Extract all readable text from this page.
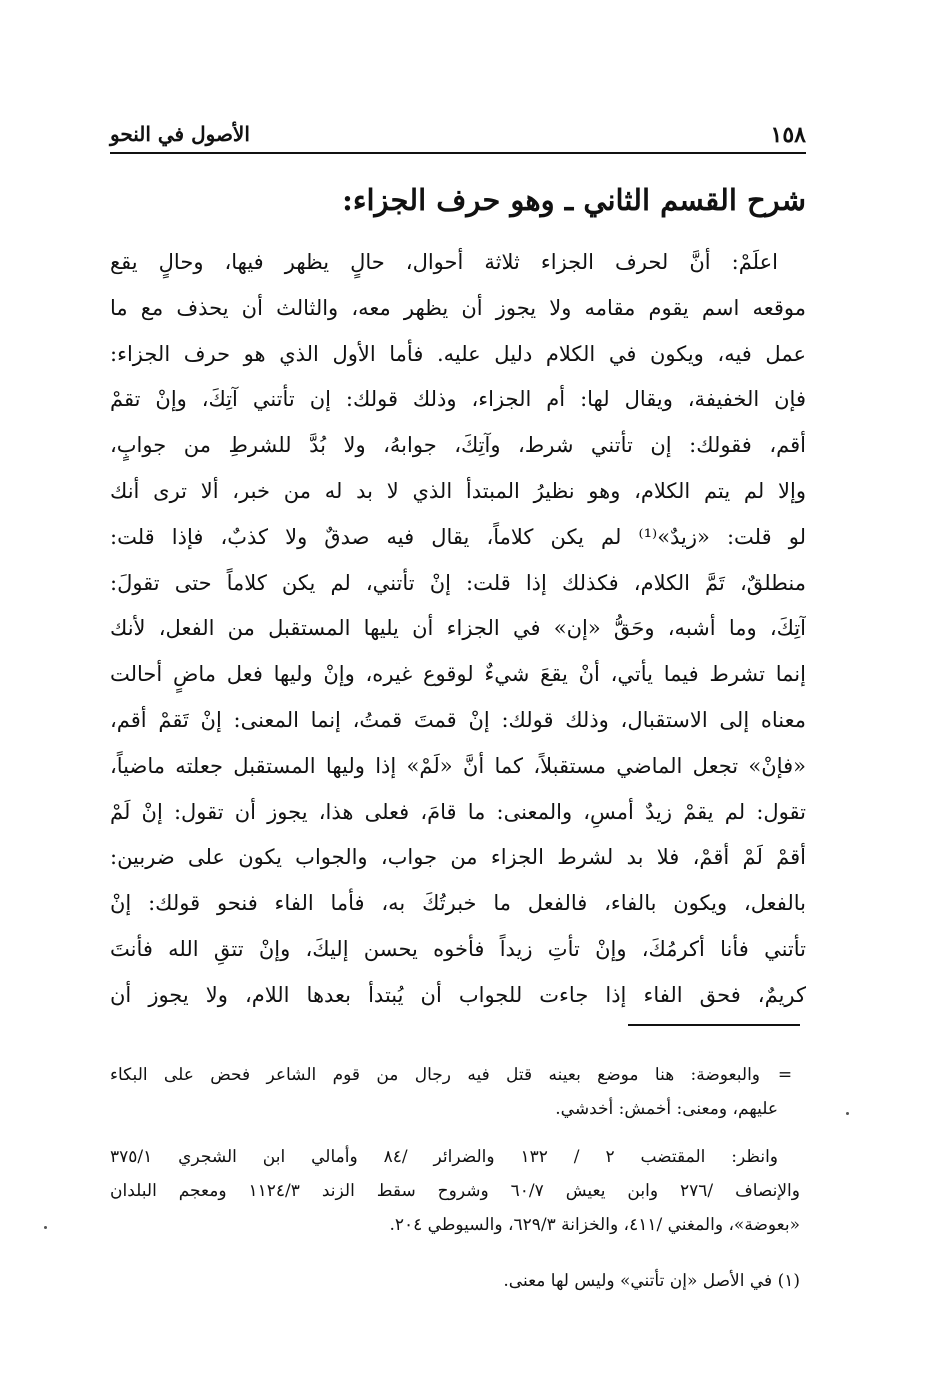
١٥٨
الأصول في النحو
شرح القسم الثاني ـ وهو حرف الجزاء:
اعلَمْ: أنَّ لحرف الجزاء ثلاثة أحوال، حالٍ يظهر فيها، وحالٍ يقع
موقعه اسم يقوم مقامه ولا يجوز أن يظهر معه، والثالث أن يحذف مع ما
عمل فيه، ويكون في الكلام دليل عليه. فأما الأول الذي هو حرف الجزاء:
فإن الخفيفة، ويقال لها: أم الجزاء، وذلك قولك: إن تأتني آتِكَ، وإنْ تقمْ
أقم، فقولك: إن تأتني شرط، وآتِكَ، جوابهُ، ولا بُدَّ للشرطِ من جوابٍ،
وإلا لم يتم الكلام، وهو نظيرُ المبتدأ الذي لا بد له من خبر، ألا ترى أنك
لو قلت: «زيدٌ»⁽¹⁾ لم يكن كلاماً، يقال فيه صدقٌ ولا كذبٌ، فإذا قلت:
منطلقٌ، تَمَّ الكلام، فكذلك إذا قلت: إنْ تأتني، لم يكن كلاماً حتى تقولَ:
آتِكَ، وما أشبه، وحَقُّ «إن» في الجزاء أن يليها المستقبل من الفعل، لأنك
إنما تشرط فيما يأتي، أنْ يقعَ شيءٌ لوقوع غيره، وإنْ وليها فعل ماضٍ أحالت
معناه إلى الاستقبال، وذلك قولك: إنْ قمتَ قمتُ، إنما المعنى: إنْ تَقمْ أقم،
«فإنْ» تجعل الماضي مستقبلاً، كما أنَّ «لَمْ» إذا وليها المستقبل جعلته ماضياً،
تقول: لم يقمْ زيدٌ أمسِ، والمعنى: ما قامَ، فعلى هذا، يجوز أن تقول: إنْ لَمْ
أقمْ لَمْ أقمْ، فلا بد لشرط الجزاء من جواب، والجواب يكون على ضربين:
بالفعل، ويكون بالفاء، فالفعل ما خبرتُكَ به، فأما الفاء فنحو قولك: إنْ
تأتني فأنا أكرمُكَ، وإنْ تأتِ زيداً فأخوه يحسن إليكَ، وإنْ تتقِ الله فأنتَ
كريمٌ، فحق الفاء إذا جاءت للجواب أن يُبتدأ بعدها اللام، ولا يجوز أن
=
والبعوضة: هنا موضع بعينه قتل فيه رجال من قوم الشاعر فحض على البكاء
عليهم، ومعنى: أخمش: أخدشي.
وانظر: المقتضب ٢ / ١٣٢ والضرائر /٨٤ وأمالي ابن الشجري ٣٧٥/١
والإنصاف /٢٧٦ وابن يعيش ٦٠/٧ وشروح سقط الزند ١١٢٤/٣ ومعجم البلدان
«بعوضة»، والمغني /٤١١، والخزانة ٦٢٩/٣، والسيوطي ٢٠٤.
(١) في الأصل «إن تأتني» وليس لها معنى.
